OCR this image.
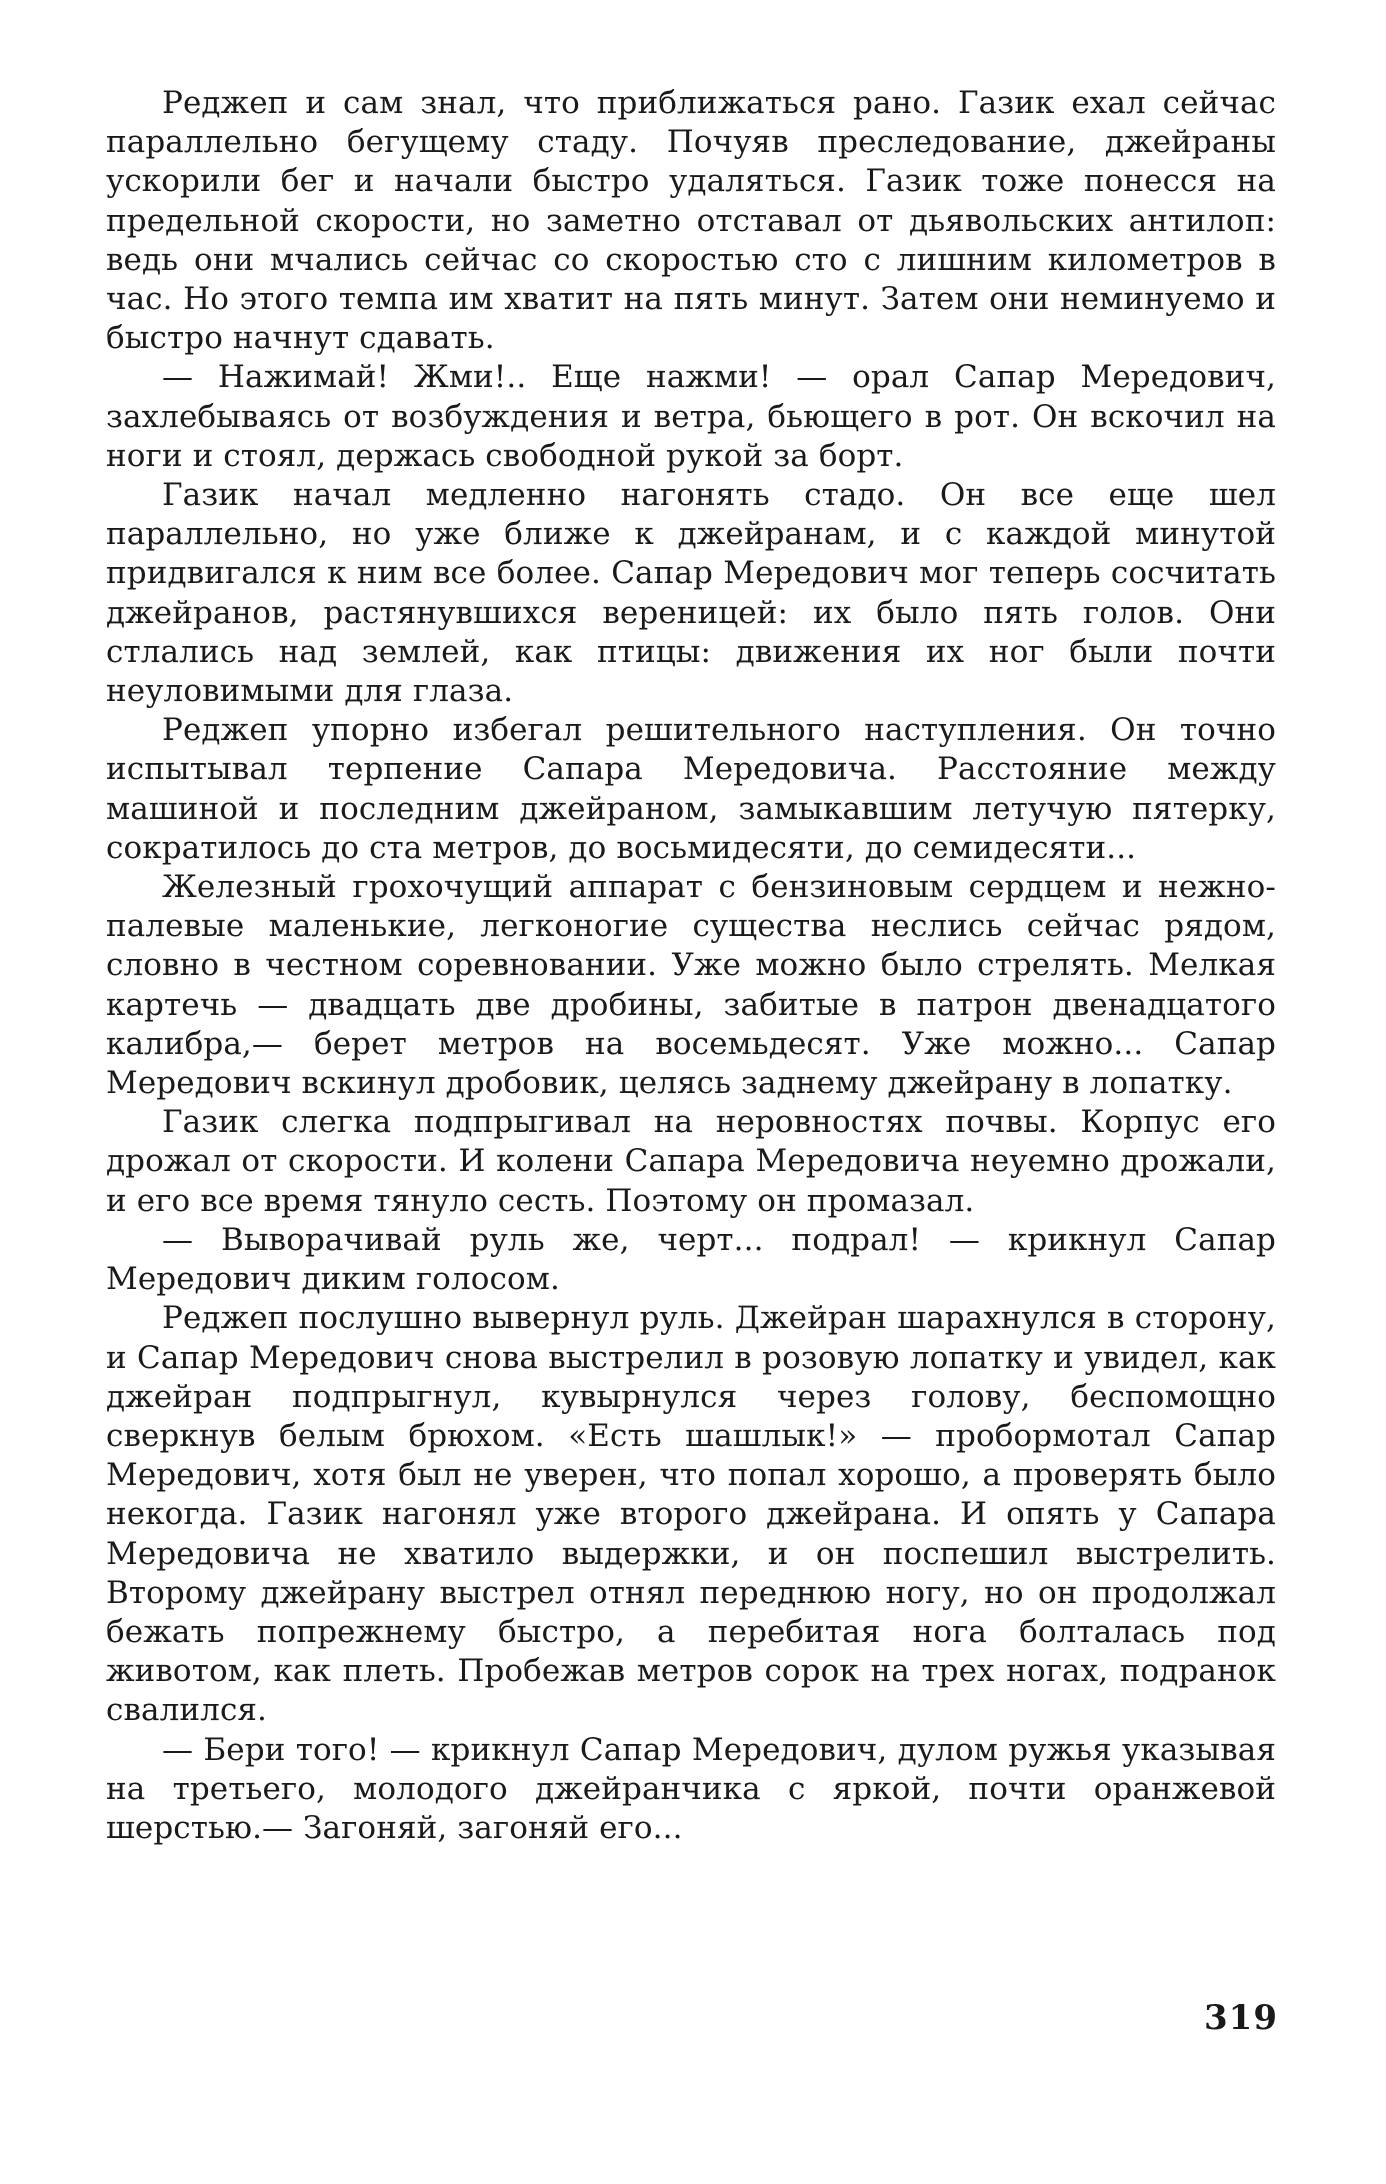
Реджеп и сам знал, что приближаться рано. Газик ехал сейчас параллельно бегущему стаду. Почуяв преследование, джейраны ускорили бег и начали быстро удаляться. Газик тоже понесся на предельной скорости, но заметно отставал от дьявольских антилоп: ведь они мчались сейчас со скоростью сто с лишним километров в час. Но этого темпа им хватит на пять минут. Затем они неминуемо и быстро начнут сдавать.

— Нажимай! Жми!.. Еще нажми! — орал Сапар Мередович, захлебываясь от возбуждения и ветра, бьющего в рот. Он вскочил на ноги и стоял, держась свободной рукой за борт.

Газик начал медленно нагонять стадо. Он все еще шел параллельно, но уже ближе к джейранам, и с каждой минутой придвигался к ним все более. Сапар Мередович мог теперь сосчитать джейранов, растянувшихся вереницей: их было пять голов. Они стлались над землей, как птицы: движения их ног были почти неуловимыми для глаза.

Реджеп упорно избегал решительного наступления. Он точно испытывал терпение Сапара Мередовича. Расстояние между машиной и последним джейраном, замыкавшим летучую пятерку, сократилось до ста метров, до восьмидесяти, до семидесяти...

Железный грохочущий аппарат с бензиновым сердцем и нежно-палевые маленькие, легконогие существа неслись сейчас рядом, словно в честном соревновании. Уже можно было стрелять. Мелкая картечь — двадцать две дробины, забитые в патрон двенадцатого калибра,— берет метров на восемьдесят. Уже можно... Сапар Мередович вскинул дробовик, целясь заднему джейрану в лопатку.

Газик слегка подпрыгивал на неровностях почвы. Корпус его дрожал от скорости. И колени Сапара Мередовича неуемно дрожали, и его все время тянуло сесть. Поэтому он промазал.

— Выворачивай руль же, черт... подрал! — крикнул Сапар Мередович диким голосом.

Реджеп послушно вывернул руль. Джейран шарахнулся в сторону, и Сапар Мередович снова выстрелил в розовую лопатку и увидел, как джейран подпрыгнул, кувырнулся через голову, беспомощно сверкнув белым брюхом. «Есть шашлык!» — пробормотал Сапар Мередович, хотя был не уверен, что попал хорошо, а проверять было некогда. Газик нагонял уже второго джейрана. И опять у Сапара Мередовича не хватило выдержки, и он поспешил выстрелить. Второму джейрану выстрел отнял переднюю ногу, но он продолжал бежать попрежнему быстро, а перебитая нога болталась под животом, как плеть. Пробежав метров сорок на трех ногах, подранок свалился.

— Бери того! — крикнул Сапар Мередович, дулом ружья указывая на третьего, молодого джейранчика с яркой, почти оранжевой шерстью.— Загоняй, загоняй его...

319
